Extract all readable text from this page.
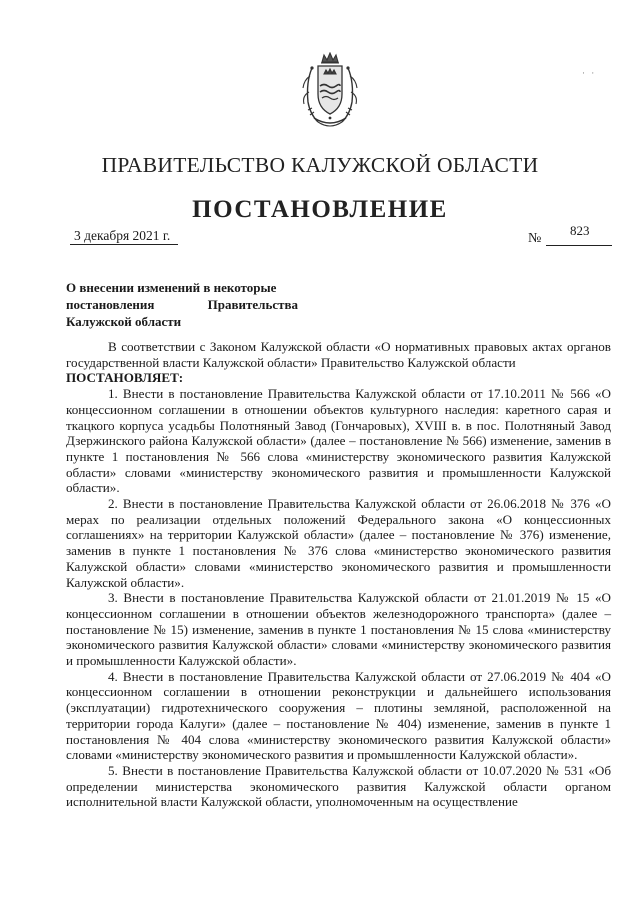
· ·
ПРАВИТЕЛЬСТВО КАЛУЖСКОЙ ОБЛАСТИ
ПОСТАНОВЛЕНИЕ
3 декабря 2021 г.	№
823
О внесении изменений в некоторые
постановления Правительства
Калужской области

В соответствии с Законом Калужской области «О нормативных правовых актах органов государственной власти Калужской области» Правительство Калужской области

ПОСТАНОВЛЯЕТ:

1. Внести в постановление Правительства Калужской области от 17.10.2011 № 566 «О концессионном соглашении в отношении объектов культурного наследия: каретного сарая и ткацкого корпуса усадьбы Полотняный Завод (Гончаровых), XVIII в. в пос. Полотняный Завод Дзержинского района Калужской области» (далее – постановление № 566) изменение, заменив в пункте 1 постановления № 566 слова «министерству экономического развития Калужской области» словами «министерству экономического развития и промышленности Калужской области».

2. Внести в постановление Правительства Калужской области от 26.06.2018 № 376 «О мерах по реализации отдельных положений Федерального закона «О концессионных соглашениях» на территории Калужской области» (далее – постановление № 376) изменение, заменив в пункте 1 постановления № 376 слова «министерство экономического развития Калужской области» словами «министерство экономического развития и промышленности Калужской области».

3. Внести в постановление Правительства Калужской области от 21.01.2019 № 15 «О концессионном соглашении в отношении объектов железнодорожного транспорта» (далее – постановление № 15) изменение, заменив в пункте 1 постановления № 15 слова «министерству экономического развития Калужской области» словами «министерству экономического развития и промышленности Калужской области».

4. Внести в постановление Правительства Калужской области от 27.06.2019 № 404 «О концессионном соглашении в отношении реконструкции и дальнейшего использования (эксплуатации) гидротехнического сооружения – плотины земляной, расположенной на территории города Калуги» (далее – постановление № 404) изменение, заменив в пункте 1 постановления № 404 слова «министерству экономического развития Калужской области» словами «министерству экономического развития и промышленности Калужской области».

5. Внести в постановление Правительства Калужской области от 10.07.2020 № 531 «Об определении министерства экономического развития Калужской области органом исполнительной власти Калужской области, уполномоченным на осуществление
